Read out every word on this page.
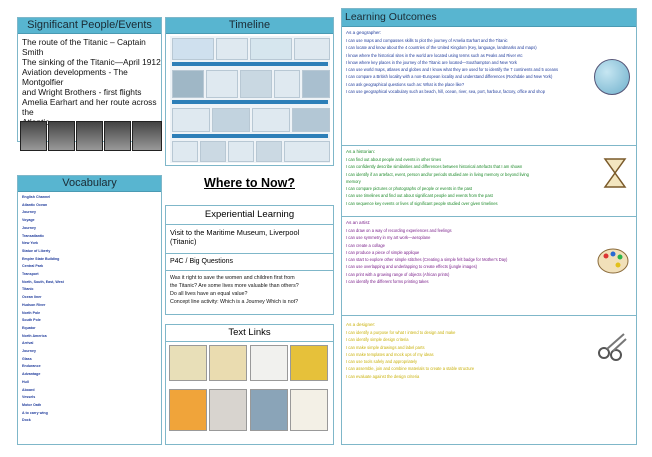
Significant People/Events
The route of the Titanic – Captain Smith
The sinking of the Titanic—April 1912
Aviation developments - The Montgolfier
and Wright Brothers - first flights
Amelia Earhart and her route across the
Timeline
Vocabulary
English Channel
Atlantic Ocean
Journey
Voyage
Journey
Transatlantic
New York
Statue of Liberty
Empire State Building
Central Park
Transport
North, South, East, West
Titanic
Ocean liner
Hudson River
North Pole
South Pole
Equator
North America
Arrival
Journey
Glass
Endurance
Advantage
Hull
Aboard
Vessels
Motor Oath
A to carry wing
Dock
Where to Now?
Experiential Learning
Visit to the Maritime Museum, Liverpool
(Titanic)
P4C / Big Questions
Was it right to save the women and children first from
the Titanic? Are some lives more valuable than others?
Do all lives have an equal value?
Concept line activity: Which is a Journey Which is not?
Text Links
Learning Outcomes
As a geographer:
I can use maps and compasses skills to plot the journey of Amelia Earhart and the Titanic
I can locate and know about the 4 countries of the United Kingdom (Key, language, landmarks and maps)
I know where the historical sites in the world are located using terms such as Peaks and River etc
I know where key places in the journey of the Titanic are located—Southampton and New York
I can use world maps, atlases and globes and I know what they are used for to identify the 7 continents and 5 oceans
I can compare a British locality with a non-European locality and understand differences (Rochdale and New York)
I can ask geographical questions such as: What is the place like?
I can use geographical vocabulary such as beach, hill, ocean, river, sea, port, harbour, factory, office and shop
As a historian:
I can find out about people and events in other times
I can confidently describe similarities and differences between historical artefacts that I am shown
I can identify if an artefact, event, person and/or periods studied are in living memory or beyond living
memory
I can compare pictures or photographs of people or events in the past
I can use timelines and find out about significant people and events from the past
I can sequence key events or lives of significant people studied over given timelines
As an artist:
I can draw on a way of recording experiences and feelings
I can use symmetry in my art work—aeroplane
I can create a collage
I can produce a piece of simple applique
I can start to explore other simple stitches (Creating a simple felt badge for Mother's Day)
I can use overlapping and underlapping to create effects (jungle images)
I can print with a growing range of objects (African prints)
I can identify the different forms printing takes
As a designer:
I can identify a purpose for what I intend to design and make
I can identify simple design criteria
I can make simple drawings and label parts
I can make templates and mock ups of my ideas
I can use tools safely and appropriately
I can assemble, join and combine materials to create a stable structure
I can evaluate against the design criteria
